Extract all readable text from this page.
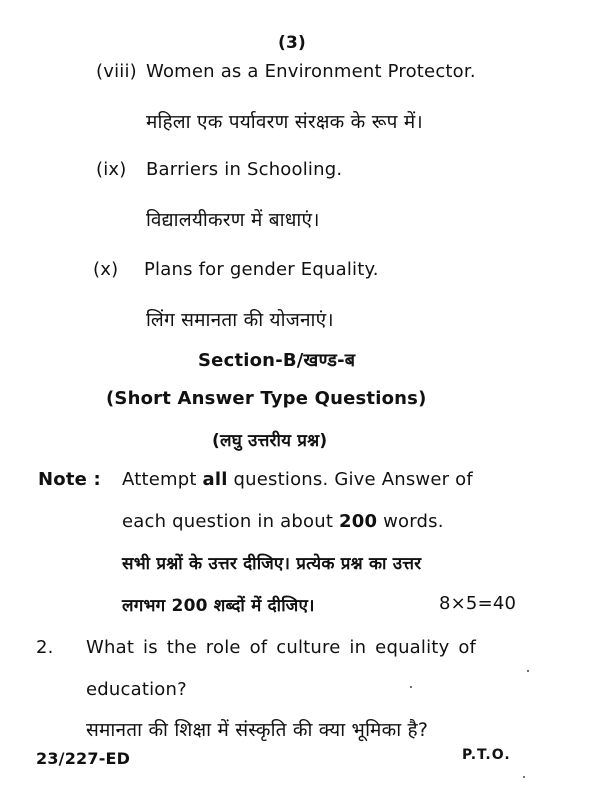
(3)
(viii) Women as a Environment Protector.
महिला एक पर्यावरण संरक्षक के रूप में।
(ix) Barriers in Schooling.
विद्यालयीकरण में बाधाएं।
(x) Plans for gender Equality.
लिंग समानता की योजनाएं।
Section-B/खण्ड-ब
(Short Answer Type Questions)
(लघु उत्तरीय प्रश्न)
Note : Attempt all questions. Give Answer of
each question in about 200 words.
सभी प्रश्नों के उत्तर दीजिए। प्रत्येक प्रश्न का उत्तर
लगभग 200 शब्दों में दीजिए।	8×5=40
2. What is the role of culture in equality of
education?
समानता की शिक्षा में संस्कृति की क्या भूमिका है?
23/227-ED	P.T.O.
